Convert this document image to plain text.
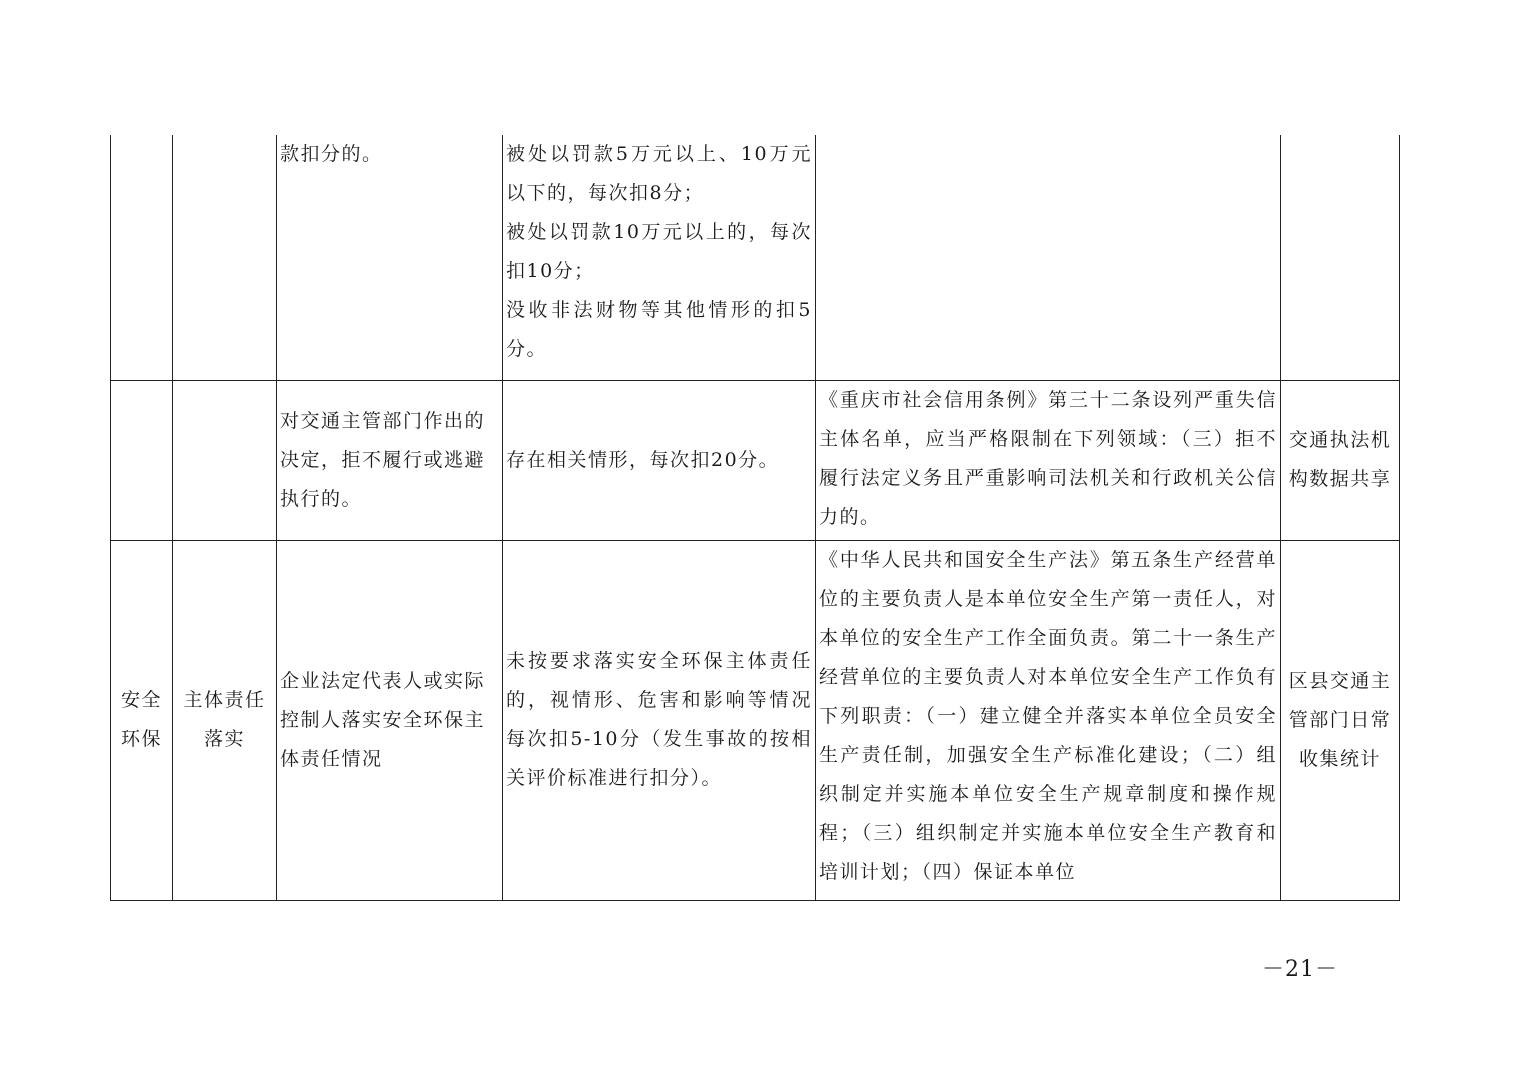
		款扣分的。	被处以罚款5万元以上、10万元以下的，每次扣8分；
被处以罚款10万元以上的，每次扣10分；
没收非法财物等其他情形的扣5分。		

		对交通主管部门作出的决定，拒不履行或逃避执行的。	存在相关情形，每次扣20分。	《重庆市社会信用条例》第三十二条设列严重失信主体名单，应当严格限制在下列领域：（三）拒不履行法定义务且严重影响司法机关和行政机关公信力的。	交通执法机构数据共享
安全环保	主体责任落实	企业法定代表人或实际控制人落实安全环保主体责任情况	未按要求落实安全环保主体责任的，视情形、危害和影响等情况每次扣5-10分（发生事故的按相关评价标准进行扣分）。	《中华人民共和国安全生产法》第五条生产经营单位的主要负责人是本单位安全生产第一责任人，对本单位的安全生产工作全面负责。第二十一条生产经营单位的主要负责人对本单位安全生产工作负有下列职责：（一）建立健全并落实本单位全员安全生产责任制，加强安全生产标准化建设；（二）组织制定并实施本单位安全生产规章制度和操作规程；（三）组织制定并实施本单位安全生产教育和培训计划；（四）保证本单位	区县交通主管部门日常收集统计
－21－
